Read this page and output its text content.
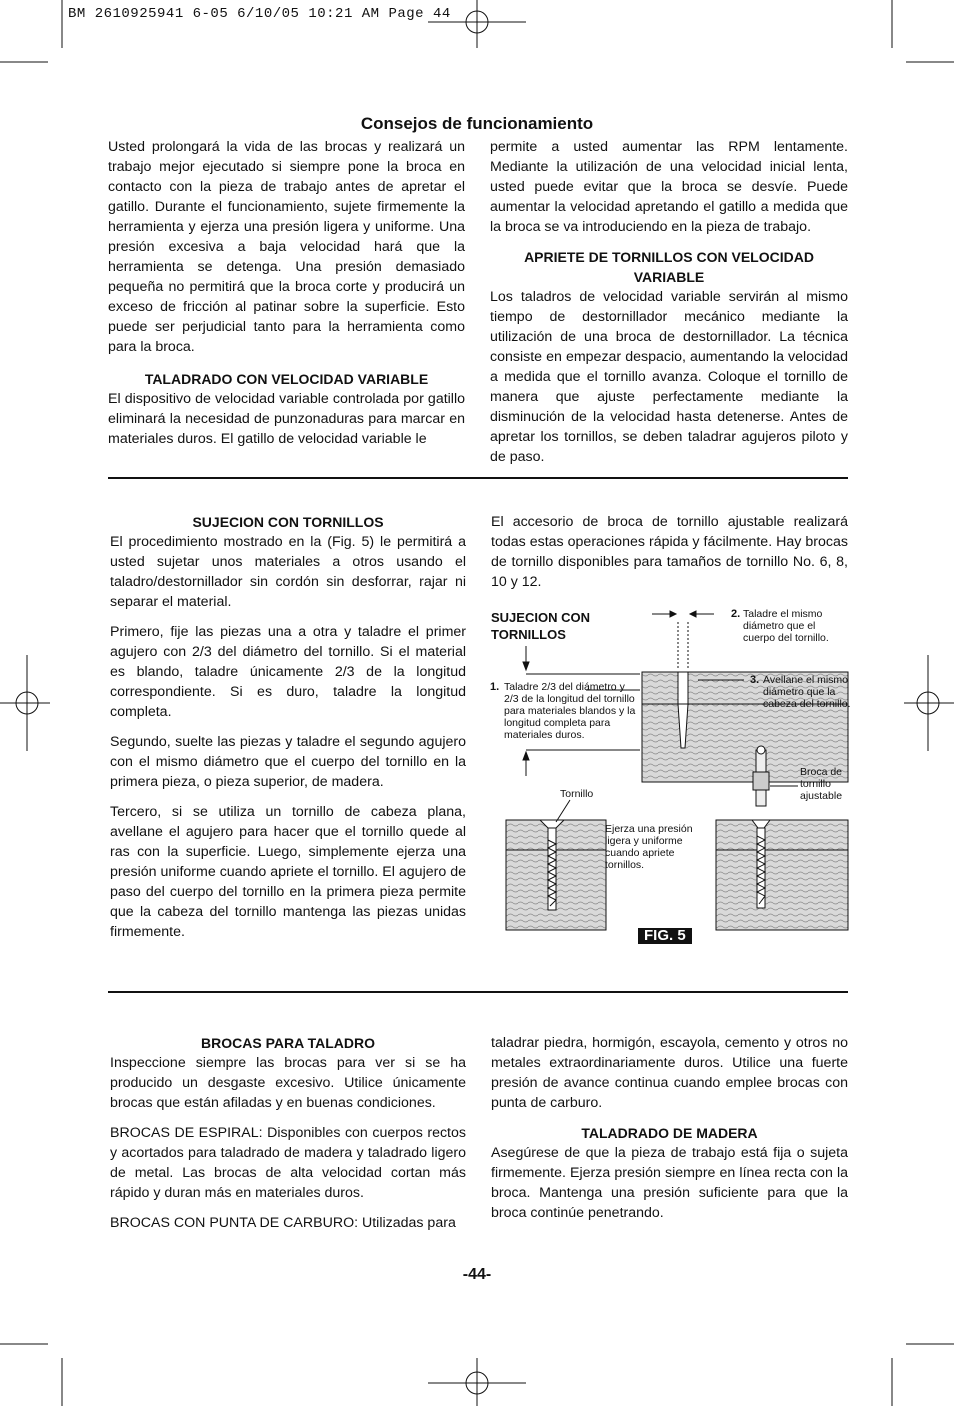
BM 2610925941 6-05 6/10/05 10:21 AM Page 44
Consejos de funcionamiento

Usted prolongará la vida de las brocas y realizará un trabajo mejor ejecutado si siempre pone la broca en contacto con la pieza de trabajo antes de apretar el gatillo. Durante el funcionamiento, sujete firmemente la herramienta y ejerza una presión ligera y uniforme. Una presión excesiva a baja velocidad hará que la herramienta se detenga. Una presión demasiado pequeña no permitirá que la broca corte y producirá un exceso de fricción al patinar sobre la superficie. Esto puede ser perjudicial tanto para la herramienta como para la broca.

TALADRADO CON VELOCIDAD VARIABLE

El dispositivo de velocidad variable controlada por gatillo eliminará la necesidad de punzonaduras para marcar en materiales duros. El gatillo de velocidad variable le

permite a usted aumentar las RPM lentamente. Mediante la utilización de una velocidad inicial lenta, usted puede evitar que la broca se desvíe. Puede aumentar la velocidad apretando el gatillo a medida que la broca se va introduciendo en la pieza de trabajo.

APRIETE DE TORNILLOS CON VELOCIDAD VARIABLE

Los taladros de velocidad variable servirán al mismo tiempo de destornillador mecánico mediante la utilización de una broca de destornillador. La técnica consiste en empezar despacio, aumentando la velocidad a medida que el tornillo avanza. Coloque el tornillo de manera que ajuste perfectamente mediante la disminución de la velocidad hasta detenerse. Antes de apretar los tornillos, se deben taladrar agujeros piloto y de paso.

SUJECION CON TORNILLOS

El procedimiento mostrado en la (Fig. 5) le permitirá a usted sujetar unos materiales a otros usando el taladro/destornillador sin cordón sin desforrar, rajar ni separar el material.

Primero, fije las piezas una a otra y taladre el primer agujero con 2/3 del diámetro del tornillo. Si el material es blando, taladre únicamente 2/3 de la longitud correspondiente. Si es duro, taladre la longitud completa.

Segundo, suelte las piezas y taladre el segundo agujero con el mismo diámetro que el cuerpo del tornillo en la primera pieza, o pieza superior, de madera.

Tercero, si se utiliza un tornillo de cabeza plana, avellane el agujero para hacer que el tornillo quede al ras con la superficie. Luego, simplemente ejerza una presión uniforme cuando apriete el tornillo. El agujero de paso del cuerpo del tornillo en la primera pieza permite que la cabeza del tornillo mantenga las piezas unidas firmemente.

El accesorio de broca de tornillo ajustable realizará todas estas operaciones rápida y fácilmente. Hay brocas de tornillo disponibles para tamaños de tornillo No. 6, 8, 10 y 12.

SUJECION CON
TORNILLOS
1. Taladre 2/3 del diámetro y
2/3 de la longitud del tornillo
para materiales blandos y la
longitud completa para
materiales duros.
2. Taladre el mismo
diámetro que el
cuerpo del tornillo.
3. Avellane el mismo
diámetro que la
cabeza del tornillo.
Tornillo
Broca de
tornillo
ajustable
Ejerza una presión
ligera y uniforme
cuando apriete
tornillos.
FIG. 5
BROCAS PARA TALADRO

Inspeccione siempre las brocas para ver si se ha producido un desgaste excesivo. Utilice únicamente brocas que están afiladas y en buenas condiciones.

BROCAS DE ESPIRAL: Disponibles con cuerpos rectos y acortados para taladrado de madera y taladrado ligero de metal. Las brocas de alta velocidad cortan más rápido y duran más en materiales duros.

BROCAS CON PUNTA DE CARBURO: Utilizadas para

taladrar piedra, hormigón, escayola, cemento y otros no metales extraordinariamente duros. Utilice una fuerte presión de avance continua cuando emplee brocas con punta de carburo.

TALADRADO DE MADERA

Asegúrese de que la pieza de trabajo está fija o sujeta firmemente. Ejerza presión siempre en línea recta con la broca. Mantenga una presión suficiente para que la broca continúe penetrando.

-44-
